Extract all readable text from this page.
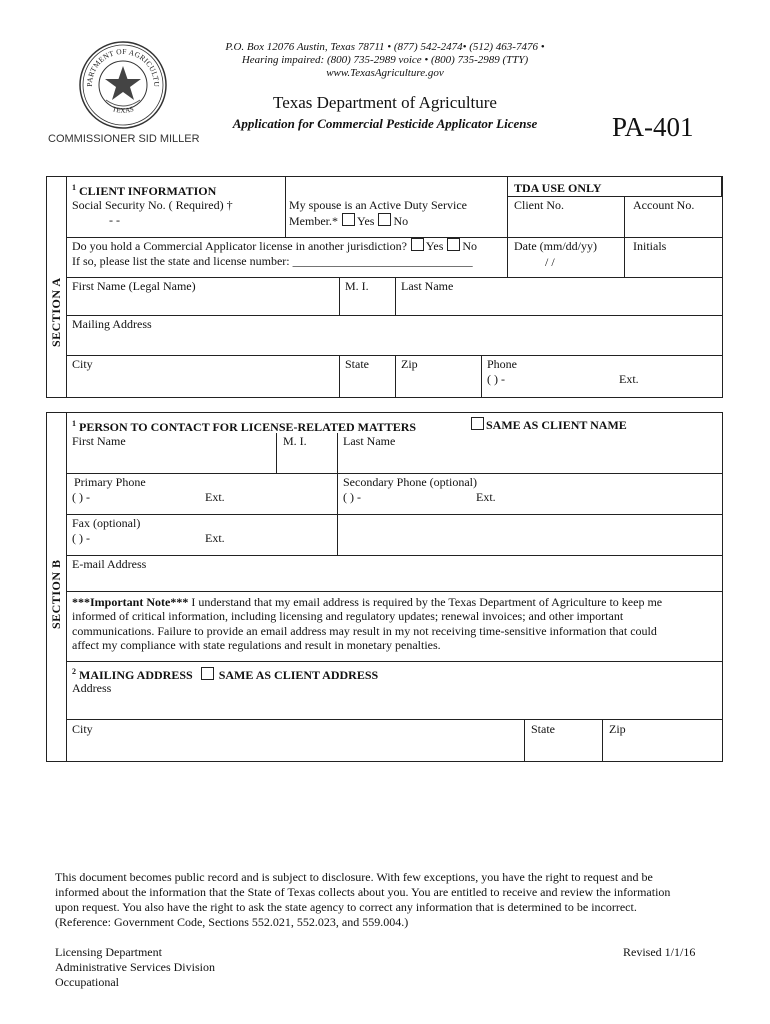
PARTMENT OF AGRICULTU
TEXAS
P.O. Box 12076 Austin, Texas 78711 • (877) 542-2474• (512) 463-7476 •
Hearing impaired: (800) 735-2989 voice • (800) 735-2989 (TTY)
www.TexasAgriculture.gov
Texas Department of Agriculture
Application for Commercial Pesticide Applicator License	PA-401
COMMISSIONER SID MILLER
SECTION A
$^1$ CLIENT INFORMATION
Social Security No. ( Required) †
- -
My spouse is an Active Duty Service
Member.* Yes No
TDA USE ONLY
Client No.	Account No.
Do you hold a Commercial Applicator license in another jurisdiction? Yes No
If so, please list the state and license number: ______________________________
Date (mm/dd/yy)
/ /
Initials
First Name (Legal Name)	M. I.	Last Name
Mailing Address
City	State	Zip	Phone
( ) -	Ext.
SECTION B
$^1$ PERSON TO CONTACT FOR LICENSE-RELATED MATTERS	SAME AS CLIENT NAME
First Name	M. I.	Last Name
Primary Phone
( ) -	Ext.
Secondary Phone (optional)
( ) -	Ext.
Fax (optional)
( ) -	Ext.
E-mail Address
***Important Note*** I understand that my email address is required by the Texas Department of Agriculture to keep me
informed of critical information, including licensing and regulatory updates; renewal invoices; and other important
communications. Failure to provide an email address may result in my not receiving time-sensitive information that could
affect my compliance with state regulations and result in monetary penalties.
$^2$ MAILING ADDRESS SAME AS CLIENT ADDRESS
Address
City	State	Zip
This document becomes public record and is subject to disclosure. With few exceptions, you have the right to request and be
informed about the information that the State of Texas collects about you. You are entitled to receive and review the information
upon request. You also have the right to ask the state agency to correct any information that is determined to be incorrect.
(Reference: Government Code, Sections 552.021, 552.023, and 559.004.)
Licensing Department
Administrative Services Division
Occupational
Revised 1/1/16
